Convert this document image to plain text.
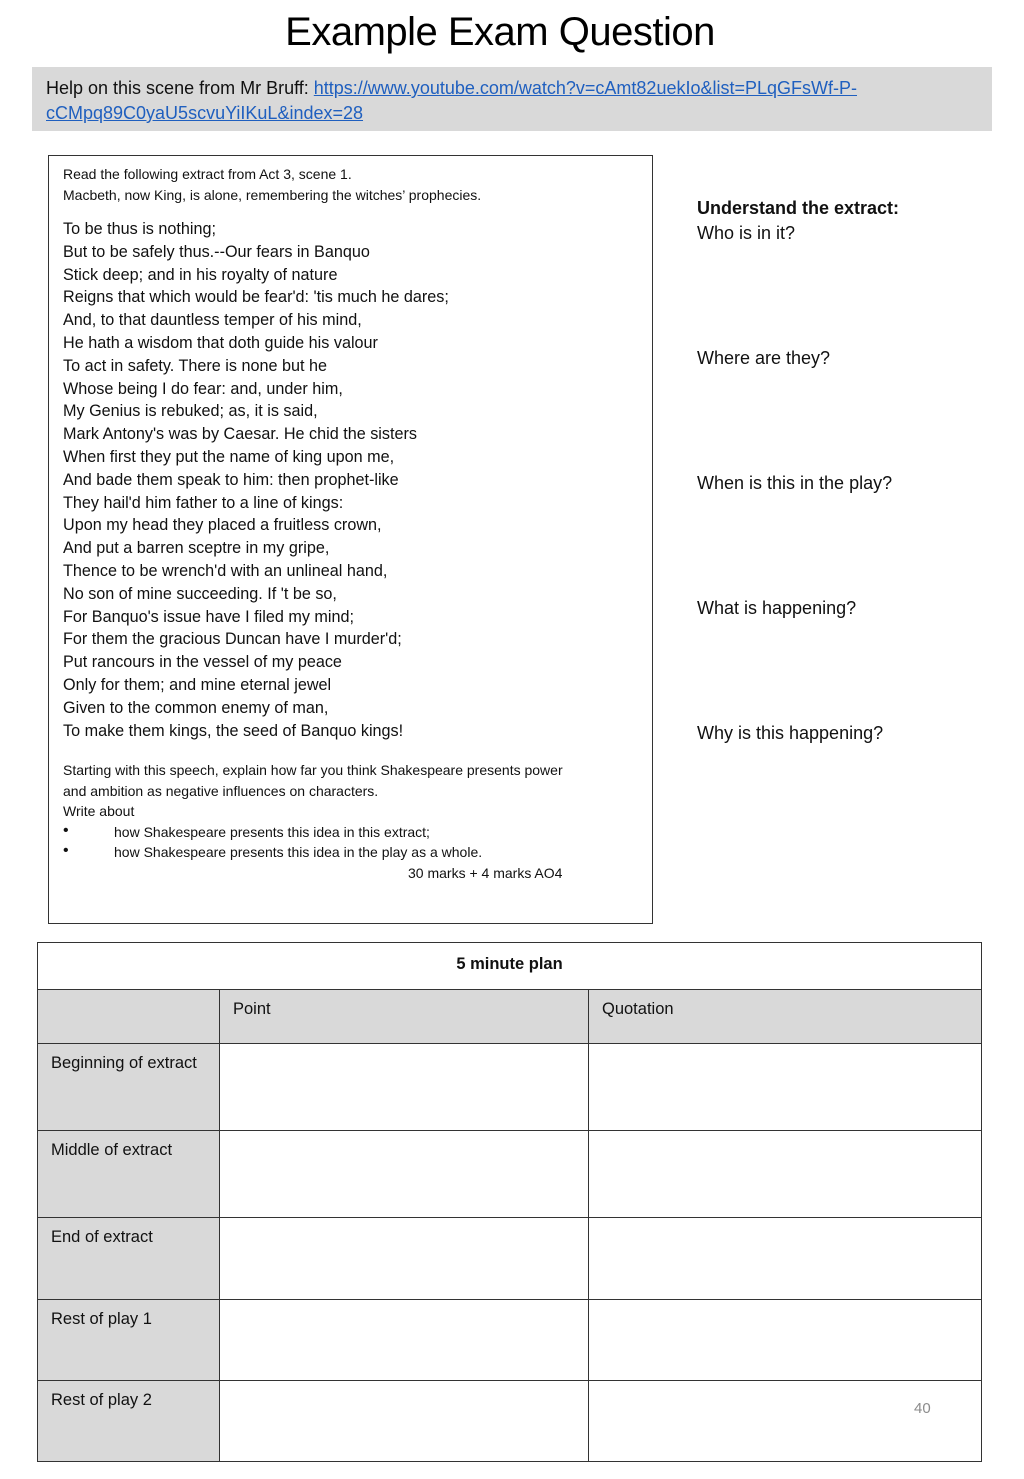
Example Exam Question
Help on this scene from Mr Bruff: https://www.youtube.com/watch?v=cAmt82uekIo&list=PLqGFsWf-P-
cCMpq89C0yaU5scvuYiIKuL&index=28

Read the following extract from Act 3, scene 1.

Macbeth, now King, is alone, remembering the witches’ prophecies.

To be thus is nothing;
But to be safely thus.--Our fears in Banquo
Stick deep; and in his royalty of nature
Reigns that which would be fear'd: 'tis much he dares;
And, to that dauntless temper of his mind,
He hath a wisdom that doth guide his valour
To act in safety. There is none but he
Whose being I do fear: and, under him,
My Genius is rebuked; as, it is said,
Mark Antony's was by Caesar. He chid the sisters
When first they put the name of king upon me,
And bade them speak to him: then prophet-like
They hail'd him father to a line of kings:
Upon my head they placed a fruitless crown,
And put a barren sceptre in my gripe,
Thence to be wrench'd with an unlineal hand,
No son of mine succeeding. If 't be so,
For Banquo's issue have I filed my mind;
For them the gracious Duncan have I murder'd;
Put rancours in the vessel of my peace
Only for them; and mine eternal jewel
Given to the common enemy of man,
To make them kings, the seed of Banquo kings!

Starting with this speech, explain how far you think Shakespeare presents power

and ambition as negative influences on characters.

Write about

•	how Shakespeare presents this idea in this extract;
•	how Shakespeare presents this idea in the play as a whole.

30 marks + 4 marks AO4

Understand the extract:
Who is in it?
Where are they?
When is this in the play?
What is happening?
Why is this happening?
5 minute plan		
	Point	Quotation
Beginning of extract		
Middle of extract		
End of extract		
Rest of play 1		
Rest of play 2			40
